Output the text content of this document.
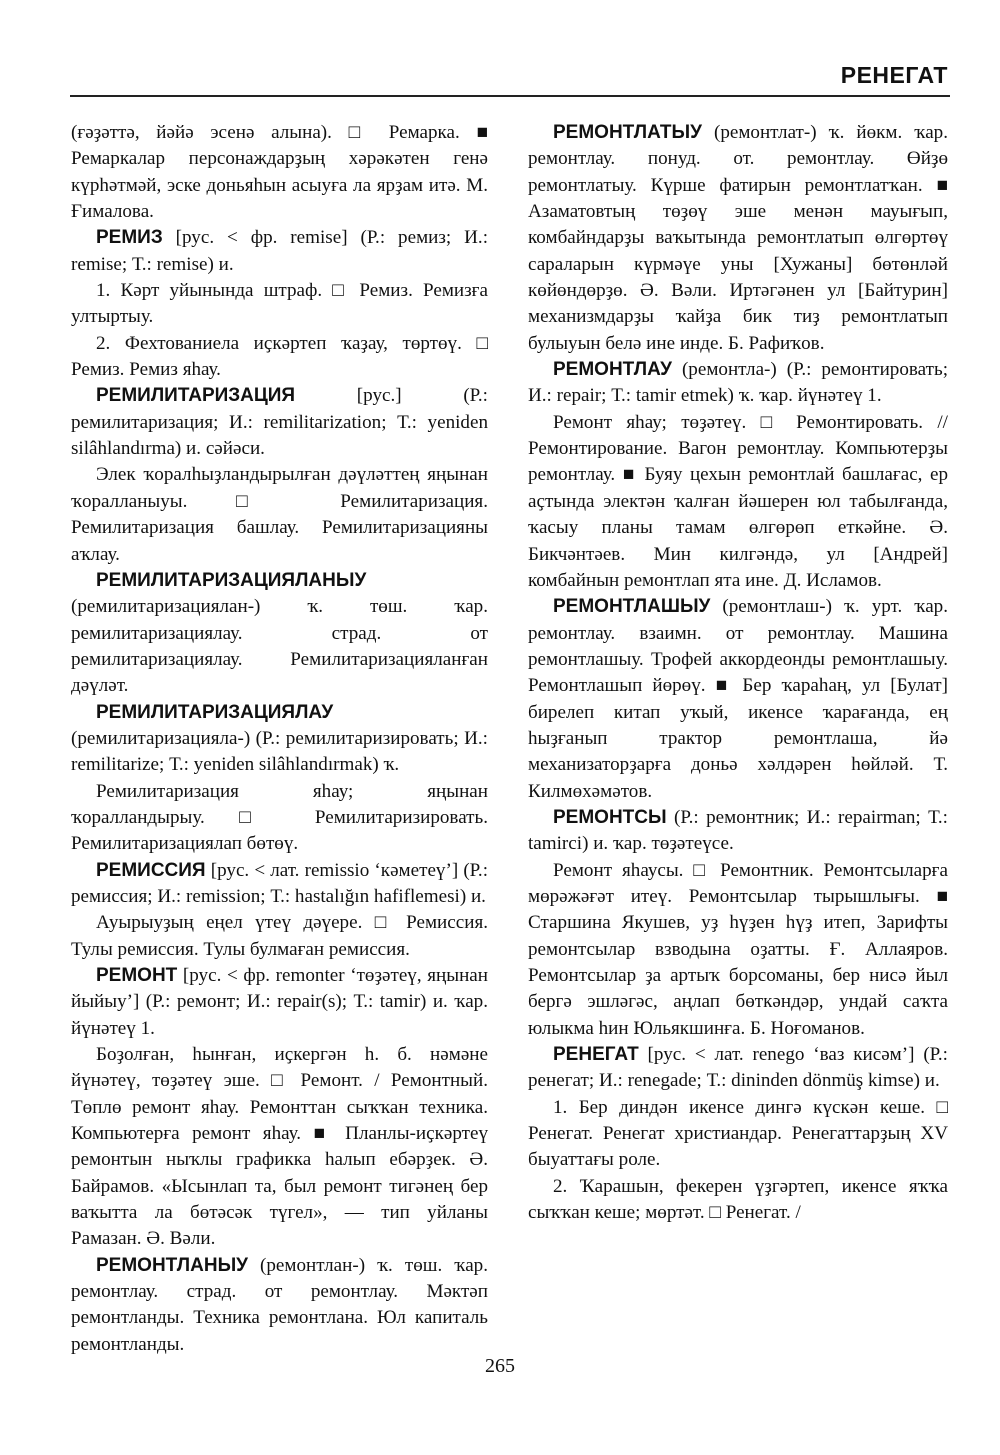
РЕНЕГАТ

(ғәҙәттә, йәйә эсенә алына). □ Ремарка. ■ Ремаркалар персонаждарҙың хәрәкәтен генә күрһәтмәй, эске доньяһын асыуға ла ярҙам итә. М. Ғималова.

РЕМИЗ [рус. < фр. remise] (Р.: ремиз; И.: remise; Т.: remise) и.

1. Кәрт уйынында штраф. □ Ремиз. Ремизға ултыртыу.

2. Фехтованиела иҫкәртеп ҡаҙау, төртөү. □ Ремиз. Ремиз яһау.

РЕМИЛИТАРИЗАЦИЯ [рус.] (Р.: ремилитаризация; И.: remilitarization; Т.: yeniden silâhlandırma) и. сәйәси.

Элек ҡоралһыҙландырылған дәүләттең яңынан ҡоралланыуы. □ Ремилитаризация. Ремилитаризация башлау. Ремилитаризацияны аҡлау.

РЕМИЛИТАРИЗАЦИЯЛАНЫУ (ремилитаризациялан-) ҡ. төш. ҡар. ремилитаризациялау. страд. от ремилитаризациялау. Ремилитаризацияланған дәүләт.

РЕМИЛИТАРИЗАЦИЯЛАУ (ремилитаризацияла-) (Р.: ремилитаризировать; И.: remilitarize; Т.: yeniden silâhlandırmak) ҡ.

Ремилитаризация яһау; яңынан ҡоралландырыу. □ Ремилитаризировать. Ремилитаризациялап бөтөү.

РЕМИССИЯ [рус. < лат. remissio ‘кәметеү’] (Р.: ремиссия; И.: remission; Т.: hastalığın hafiflemesi) и.

Ауырыуҙың еңел үтеү дәүере. □ Ремиссия. Тулы ремиссия. Тулы булмаған ремиссия.

РЕМОНТ [рус. < фр. remonter ‘төҙәтеү, яңынан йыйыу’] (Р.: ремонт; И.: repair(s); Т.: tamir) и. ҡар. йүнәтеү 1.

Боҙолған, һынған, иҫкергән һ. б. нәмәне йүнәтеү, төҙәтеү эше. □ Ремонт. / Ремонтный. Төплө ремонт яһау. Ремонттан сыҡҡан техника. Компьютерға ремонт яһау. ■ Планлы-иҫкәртеү ремонтын ныҡлы графикка һалып ебәрҙек. Ә. Байрамов. «Ысынлап та, был ремонт тигәнең бер ваҡытта ла бөтәсәк түгел», — тип уйланы Рамазан. Ә. Вәли.

РЕМОНТЛАНЫУ (ремонтлан-) ҡ. төш. ҡар. ремонтлау. страд. от ремонтлау. Мәктәп ремонтланды. Техника ремонтлана. Юл капиталь ремонтланды.

РЕМОНТЛАТЫУ (ремонтлат-) ҡ. йөкм. ҡар. ремонтлау. понуд. от. ремонтлау. Өйҙө ремонтлатыу. Күрше фатирын ремонтлатҡан. ■ Азаматовтың төҙөү эше менән мауығып, комбайндарҙы ваҡытында ремонтлатып өлгөртөү сараларын күрмәүе уны [Хужаны] бөтөнләй көйөндөрҙө. Ә. Вәли. Иртәгәнен ул [Байтурин] механизмдарҙы ҡайҙа бик тиҙ ремонтлатып булыуын белә ине инде. Б. Рафиҡов.

РЕМОНТЛАУ (ремонтла-) (Р.: ремонтировать; И.: repair; Т.: tamir etmek) ҡ. ҡар. йүнәтеү 1.

Ремонт яһау; төҙәтеү. □ Ремонтировать. // Ремонтирование. Вагон ремонтлау. Компьютерҙы ремонтлау. ■ Буяу цехын ремонтлай башлағас, ер аҫтында электән ҡалған йәшерен юл табылғанда, ҡасыу планы тамам өлгөрөп еткәйне. Ә. Бикчәнтәев. Мин килгәндә, ул [Андрей] комбайнын ремонтлап ята ине. Д. Исламов.

РЕМОНТЛАШЫУ (ремонтлаш-) ҡ. урт. ҡар. ремонтлау. взаимн. от ремонтлау. Машина ремонтлашыу. Трофей аккордеонды ремонтлашыу. Ремонтлашып йөрөү. ■ Бер ҡараһаң, ул [Булат] бирелеп китап уҡый, икенсе ҡарағанда, ең һыҙғанып трактор ремонтлаша, йә механизаторҙарға доньә хәлдәрен һөйләй. Т. Килмөхәмәтов.

РЕМОНТСЫ (Р.: ремонтник; И.: repairman; Т.: tamirci) и. ҡар. төҙәтеүсе.

Ремонт яһаусы. □ Ремонтник. Ремонтсыларға мөрәжәғәт итеү. Ремонтсылар тырышлығы. ■ Старшина Якушев, уҙ һүҙен һүҙ итеп, Зарифты ремонтсылар взводына оҙатты. Ғ. Аллаяров. Ремонтсылар ҙа артыҡ борсоманы, бер нисә йыл бергә эшләгәс, аңлап бөткәндәр, ундай саҡта юлыкма һин Юльякшинға. Б. Ноғоманов.

РЕНЕГАТ [рус. < лат. renego ‘ваз кисәм’] (Р.: ренегат; И.: renegade; Т.: dininden dönmüş kimse) и.

1. Бер диндән икенсе дингә күскән кеше. □ Ренегат. Ренегат христиандар. Ренегаттарҙың XV быуаттағы роле.

2. Ҡарашын, фекерен үҙгәртеп, икенсе яҡҡа сыҡҡан кеше; мөртәт. □ Ренегат. /

265
